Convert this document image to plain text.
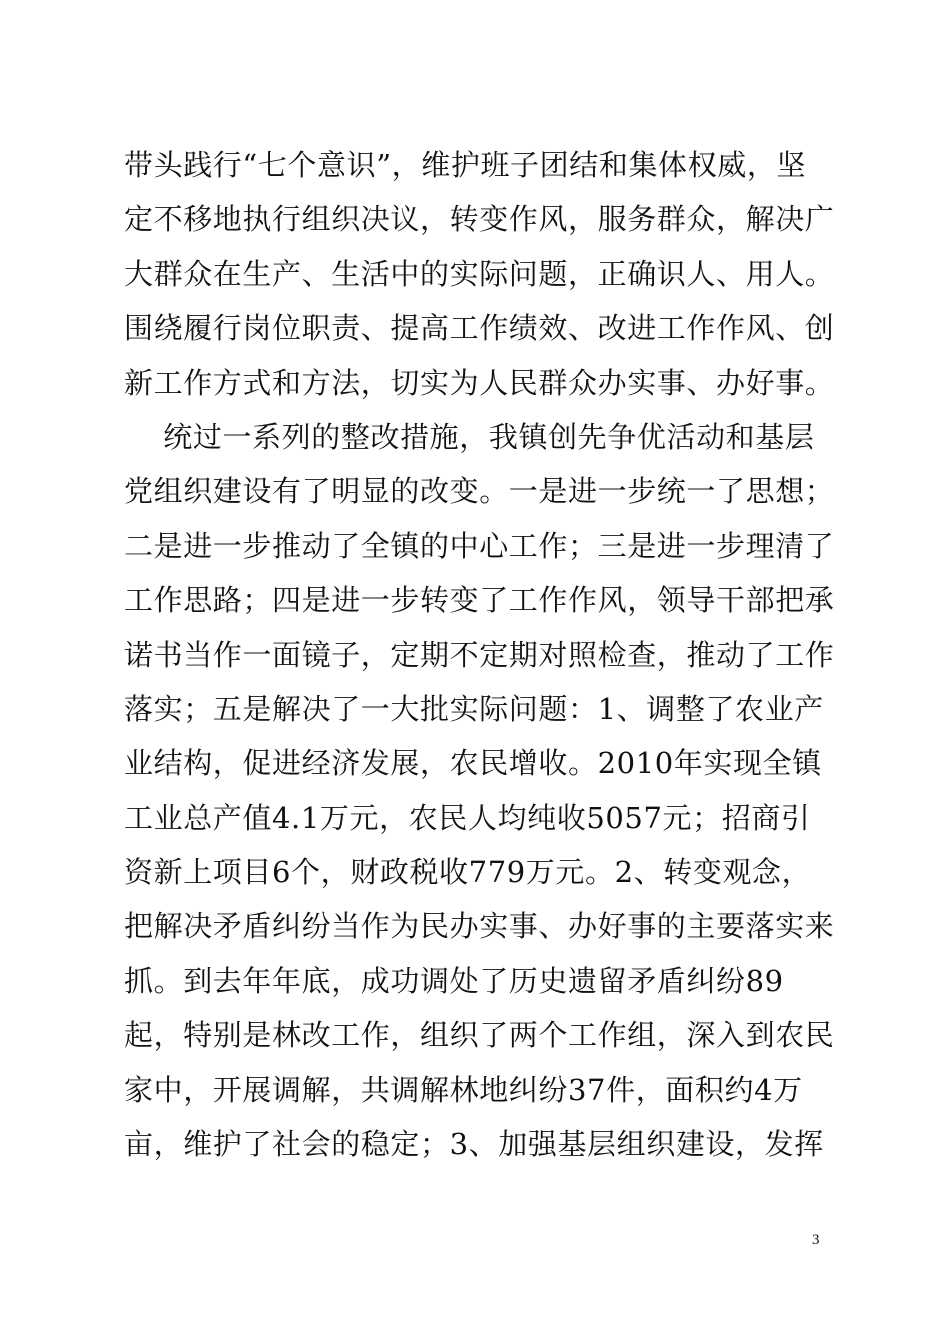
带头践行“七个意识”，维护班子团结和集体权威，坚
定不移地执行组织决议，转变作风，服务群众，解决广
大群众在生产、生活中的实际问题，正确识人、用人。
围绕履行岗位职责、提高工作绩效、改进工作作风、创
新工作方式和方法，切实为人民群众办实事、办好事。
统过一系列的整改措施，我镇创先争优活动和基层
党组织建设有了明显的改变。一是进一步统一了思想；
二是进一步推动了全镇的中心工作；三是进一步理清了
工作思路；四是进一步转变了工作作风，领导干部把承
诺书当作一面镜子，定期不定期对照检查，推动了工作
落实；五是解决了一大批实际问题：1、调整了农业产
业结构，促进经济发展，农民增收。2010年实现全镇
工业总产值4.1万元，农民人均纯收5057元；招商引
资新上项目6个，财政税收779万元。2、转变观念，
把解决矛盾纠纷当作为民办实事、办好事的主要落实来
抓。到去年年底，成功调处了历史遗留矛盾纠纷89
起，特别是林改工作，组织了两个工作组，深入到农民
家中，开展调解，共调解林地纠纷37件，面积约4万
亩，维护了社会的稳定；3、加强基层组织建设，发挥
3
